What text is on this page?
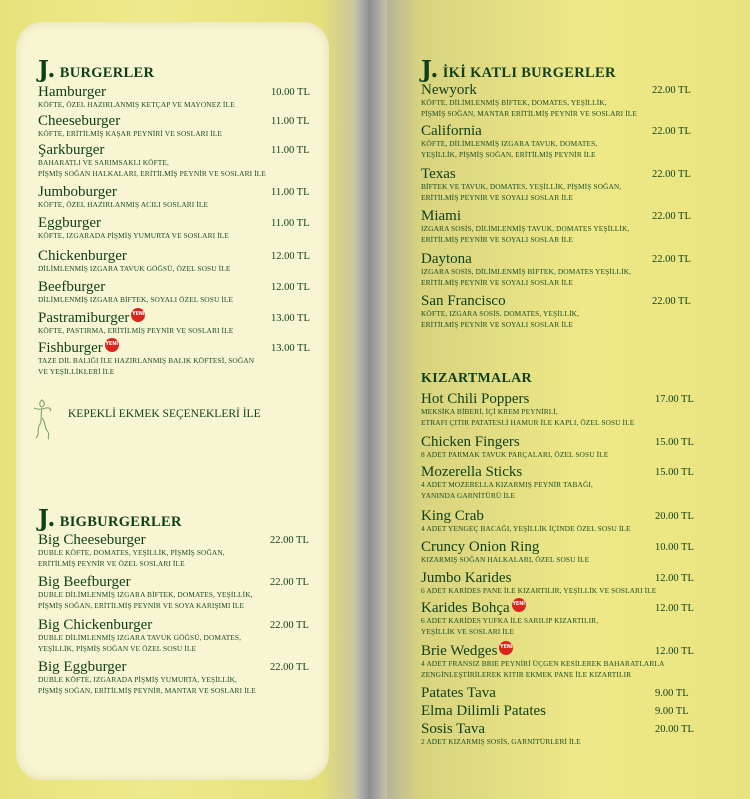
J. BURGERLER
J. BIGBURGERLER
J. İKİ KATLI BURGERLER
KIZARTMALAR
KEPEKLİ EKMEK SEÇENEKLERİ İLE
Hamburger
KÖFTE, ÖZEL HAZIRLANMIŞ KETÇAP VE MAYONEZ İLE
10.00 TL
Cheeseburger
KÖFTE, ERİTİLMİŞ KAŞAR PEYNİRİ VE SOSLARI İLE
11.00 TL
Şarkburger
BAHARATLI VE SARIMSAKLI KÖFTE,
PİŞMİŞ SOĞAN HALKALARI, ERİTİLMİŞ PEYNİR VE SOSLARI İLE
11.00 TL
Jumboburger
KÖFTE, ÖZEL HAZIRLANMIŞ ACILI SOSLARI İLE
11.00 TL
Eggburger
KÖFTE, IZGARADA PİŞMİŞ YUMURTA VE SOSLARI İLE
11.00 TL
Chickenburger
DİLİMLENMİŞ IZGARA TAVUK GÖĞSÜ, ÖZEL SOSU İLE
12.00 TL
Beefburger
DİLİMLENMİŞ IZGARA BİFTEK, SOYALI ÖZEL SOSU İLE
12.00 TL
Pastramiburger YENİ
KÖFTE, PASTIRMA, ERİTİLMİŞ PEYNİR VE SOSLARI İLE
13.00 TL
Fishburger YENİ
TAZE DİL BALIĞI İLE HAZIRLANMIŞ BALIK KÖFTESİ, SOĞAN
VE YEŞİLLİKLERİ İLE
13.00 TL
Big Cheeseburger
DUBLE KÖFTE, DOMATES, YEŞİLLİK, PİŞMİŞ SOĞAN,
ERİTİLMİŞ PEYNİR VE ÖZEL SOSLARI İLE
22.00 TL
Big Beefburger
DUBLE DİLİMLENMİŞ IZGARA BİFTEK, DOMATES, YEŞİLLİK,
PİŞMİŞ SOĞAN, ERİTİLMİŞ PEYNİR VE SOYA KARIŞIMI İLE
22.00 TL
Big Chickenburger
DUBLE DİLİMLENMİŞ IZGARA TAVUK GÖĞSÜ, DOMATES,
YEŞİLLİK, PİŞMİŞ SOĞAN VE ÖZEL SOSU İLE
22.00 TL
Big Eggburger
DUBLE KÖFTE, IZGARADA PİŞMİŞ YUMURTA, YEŞİLLİK,
PİŞMİŞ SOĞAN, ERİTİLMİŞ PEYNİR, MANTAR VE SOSLARI İLE
22.00 TL
Newyork
KÖFTE, DİLİMLENMİŞ BİFTEK, DOMATES, YEŞİLLİK,
PİŞMİŞ SOĞAN, MANTAR ERİTİLMİŞ PEYNİR VE SOSLARI İLE
22.00 TL
California
KÖFTE, DİLİMLENMİŞ IZGARA TAVUK, DOMATES,
YEŞİLLİK, PİŞMİŞ SOĞAN, ERİTİLMİŞ PEYNİR İLE
22.00 TL
Texas
BİFTEK VE TAVUK, DOMATES, YEŞİLLİK, PİŞMİŞ SOĞAN,
ERİTİLMİŞ PEYNİR VE SOYALI SOSLAR İLE
22.00 TL
Miami
IZGARA SOSİS, DİLİMLENMİŞ TAVUK, DOMATES YEŞİLLİK,
ERİTİLMİŞ PEYNİR VE SOYALI SOSLAR İLE
22.00 TL
Daytona
IZGARA SOSİS, DİLİMLENMİŞ BİFTEK, DOMATES YEŞİLLİK,
ERİTİLMİŞ PEYNİR VE SOYALI SOSLAR İLE
22.00 TL
San Francisco
KÖFTE, IZGARA SOSİS, DOMATES, YEŞİLLİK,
ERİTİLMİŞ PEYNİR VE SOYALI SOSLAR İLE
22.00 TL
Hot Chili Poppers
MEKSİKA BİBERİ, İÇİ KREM PEYNİRLİ,
ETRAFI ÇITIR PATATESLİ HAMUR İLE KAPLI, ÖZEL SOSU İLE
17.00 TL
Chicken Fingers
8 ADET PARMAK TAVUK PARÇALARI, ÖZEL SOSU İLE
15.00 TL
Mozerella Sticks
4 ADET MOZERELLA KIZARMIŞ PEYNİR TABAĞI,
YANINDA GARNİTÜRÜ İLE
15.00 TL
King Crab
4 ADET YENGEÇ BACAĞI, YEŞİLLİK İÇİNDE ÖZEL SOSU İLE
20.00 TL
Cruncy Onion Ring
KIZARMIŞ SOĞAN HALKALARI, ÖZEL SOSU İLE
10.00 TL
Jumbo Karides
6 ADET KARİDES PANE İLE KIZARTILIR, YEŞİLLİK VE SOSLARI İLE
12.00 TL
Karides Bohça YENİ
6 ADET KARİDES YUFKA İLE SARILIP KIZARTILIR,
YEŞİLLİK VE SOSLARI İLE
12.00 TL
Brie Wedges YENİ
4 ADET FRANSIZ BRIE PEYNİRİ ÜÇGEN KESİLEREK BAHARATLARLA
ZENGİNLEŞTİRİLEREK KITIR EKMEK PANE İLE KIZARTILIR
12.00 TL
Patates Tava	9.00 TL
Elma Dilimli Patates	9.00 TL
Sosis Tava
2 ADET KIZARMIŞ SOSİS, GARNİTÜRLERİ İLE
20.00 TL
